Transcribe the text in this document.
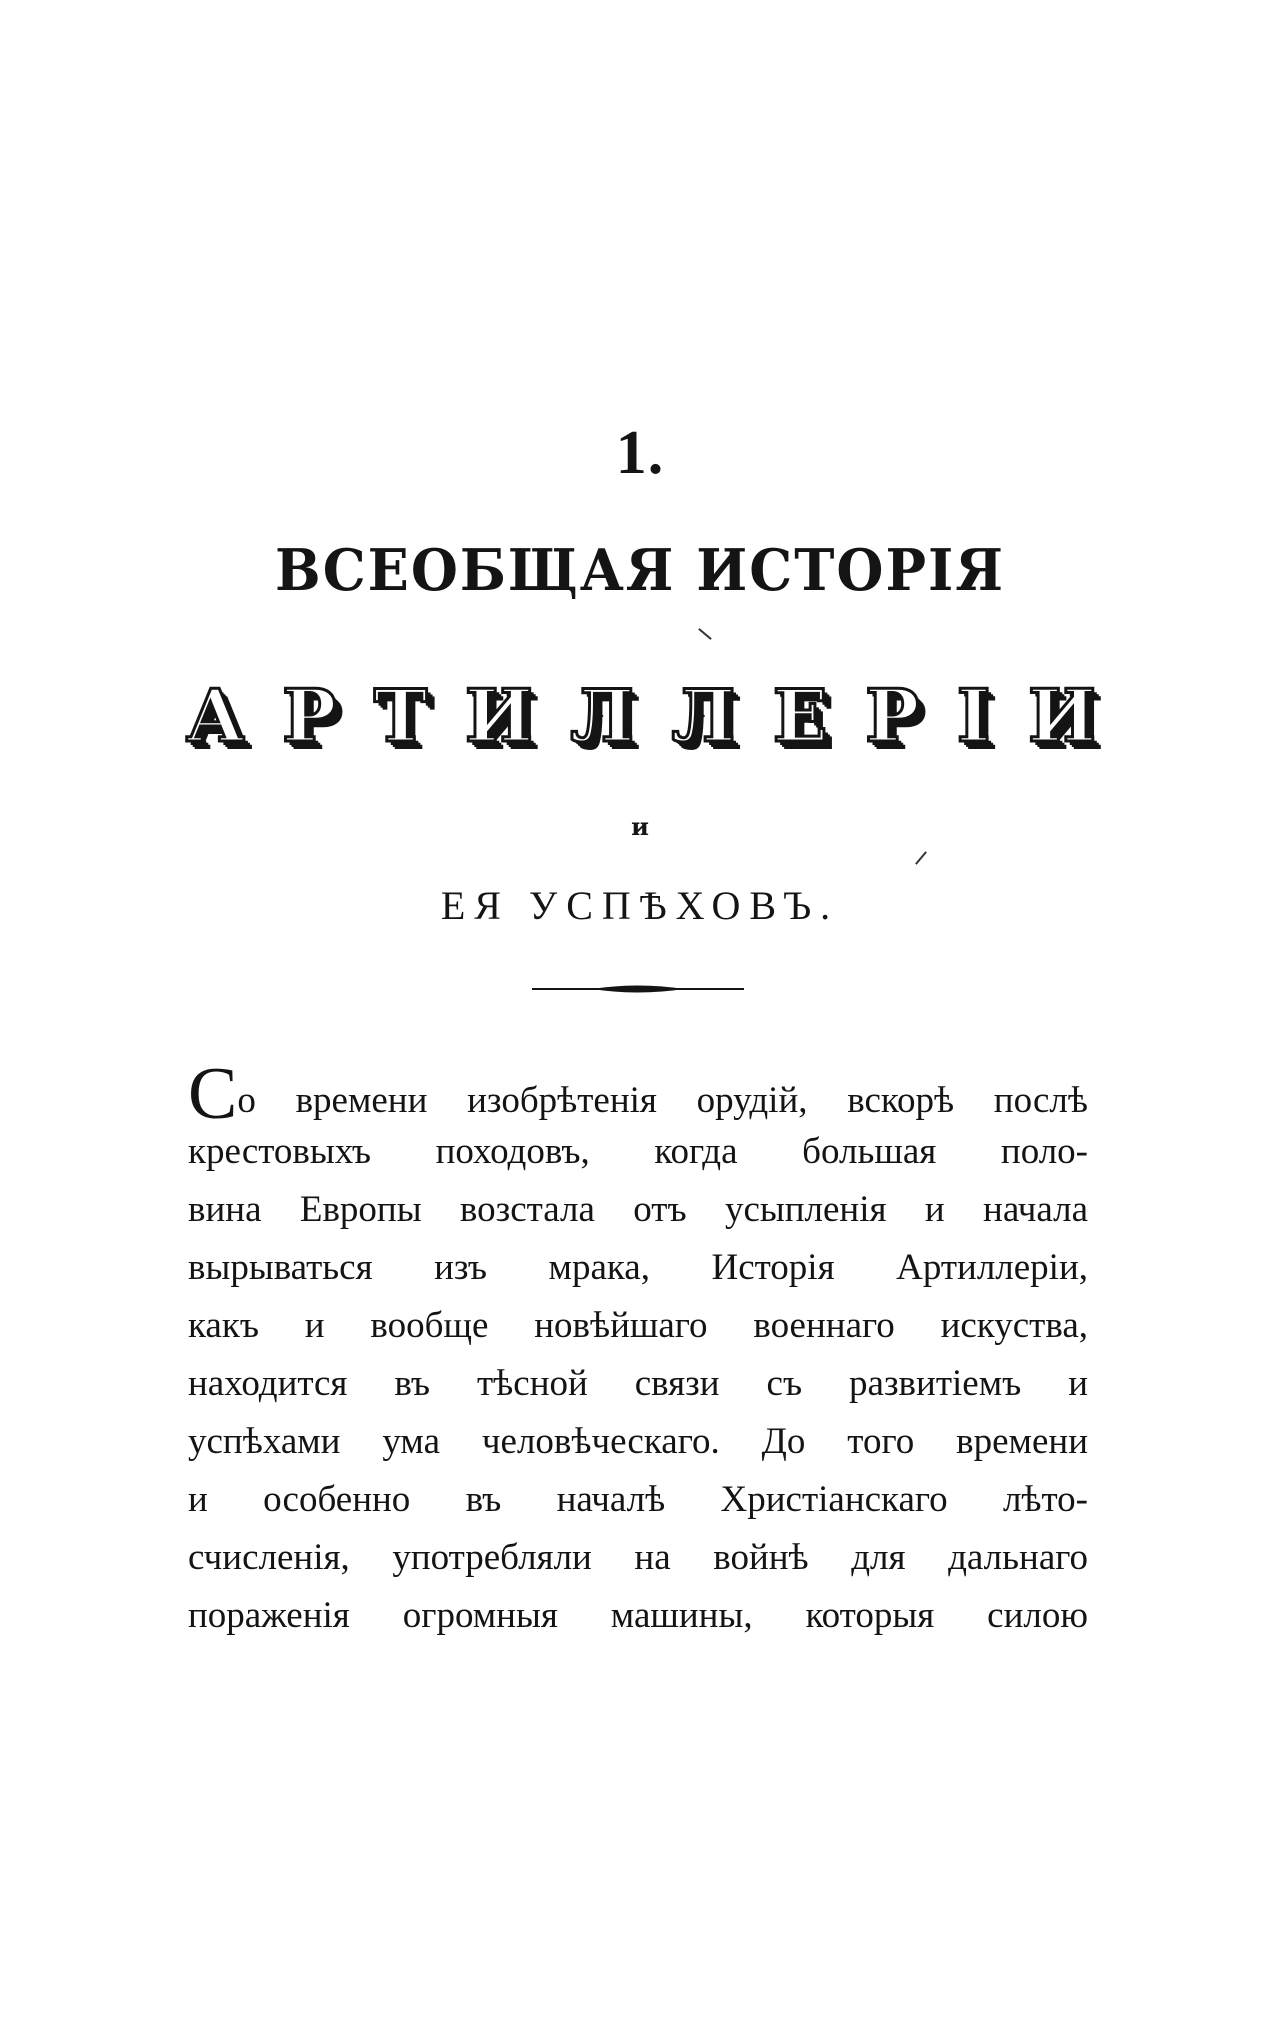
1.
ВСЕОБЩАЯ ИСТОРІЯ
А Р Т И Л Л Е Р І И
и
ЕЯ УСПѢХОВЪ.
Со времени изобрѣтенія орудій, вскорѣ послѣ
крестовыхъ походовъ, когда большая поло-
вина Европы возстала отъ усыпленія и начала
вырываться изъ мрака, Исторія Артиллеріи,
какъ и вообще новѣйшаго военнаго искуства,
находится въ тѣсной связи съ развитіемъ и
успѣхами ума человѣческаго. До того времени
и особенно въ началѣ Христіанскаго лѣто-
счисленія, употребляли на войнѣ для дальнаго
пораженія огромныя машины, которыя силою
